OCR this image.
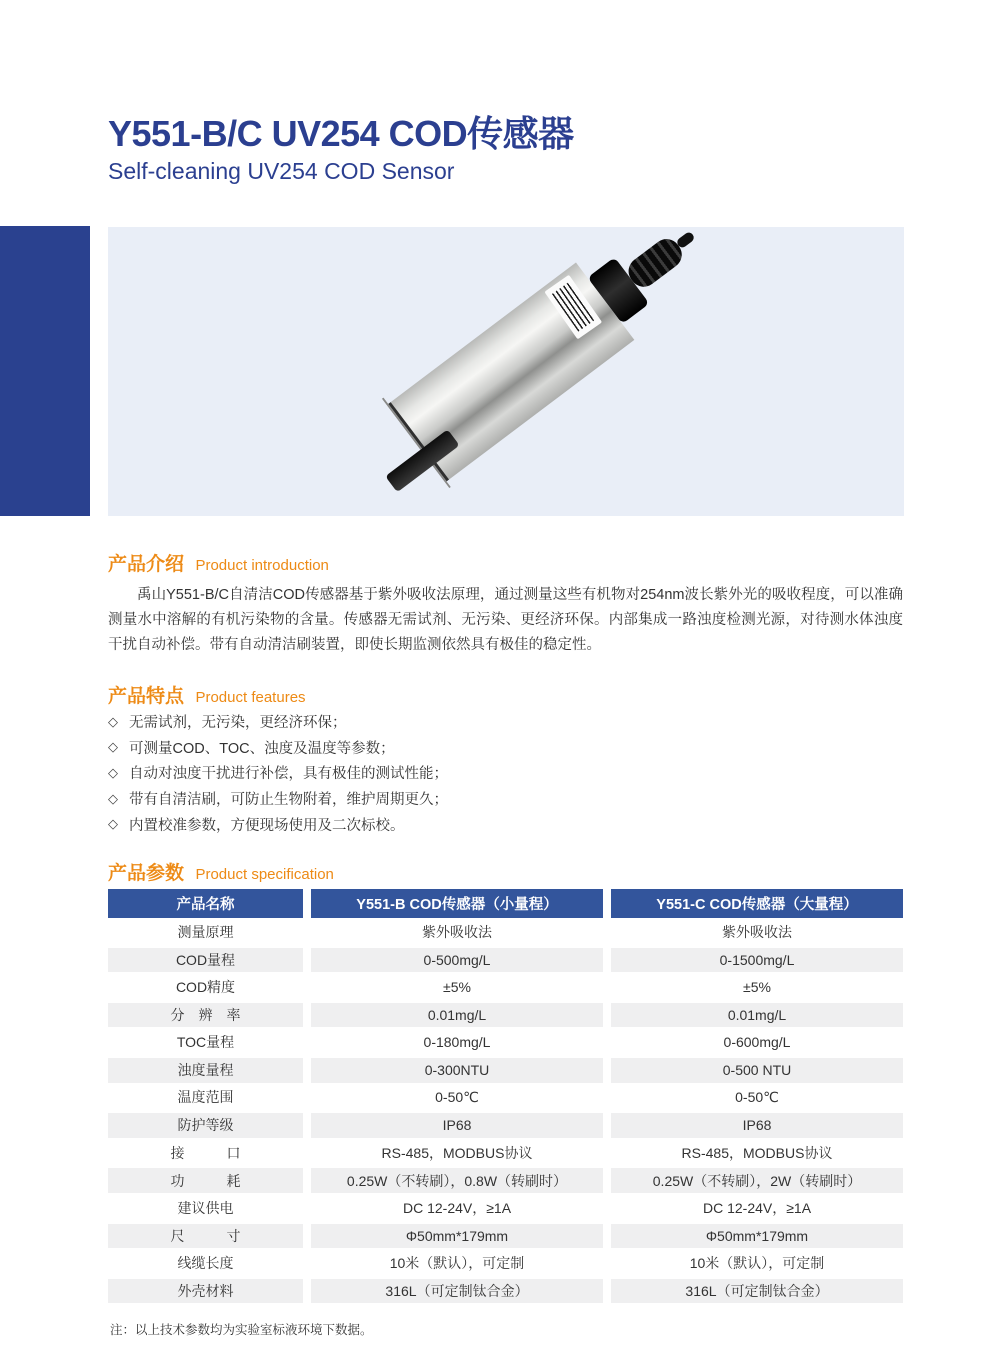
Y551-B/C UV254 COD传感器
Self-cleaning UV254 COD Sensor
产品介绍 Product introduction

禹山Y551-B/C自清洁COD传感器基于紫外吸收法原理，通过测量这些有机物对254nm波长紫外光的吸收程度，可以准确测量水中溶解的有机污染物的含量。传感器无需试剂、无污染、更经济环保。内部集成一路浊度检测光源，对待测水体浊度干扰自动补偿。带有自动清洁刷装置，即使长期监测依然具有极佳的稳定性。

产品特点 Product features
◇ 无需试剂，无污染，更经济环保；
◇ 可测量COD、TOC、浊度及温度等参数；
◇ 自动对浊度干扰进行补偿，具有极佳的测试性能；
◇ 带有自清洁刷，可防止生物附着，维护周期更久；
◇ 内置校准参数，方便现场使用及二次标校。
产品参数 Product specification
产品名称	Y551-B COD传感器（小量程）	Y551-C COD传感器（大量程）
测量原理	紫外吸收法	紫外吸收法
COD量程	0-500mg/L	0-1500mg/L
COD精度	±5%	±5%
分　辨　率	0.01mg/L	0.01mg/L
TOC量程	0-180mg/L	0-600mg/L
浊度量程	0-300NTU	0-500 NTU
温度范围	0-50℃	0-50℃
防护等级	IP68	IP68
接　　　口	RS-485，MODBUS协议	RS-485，MODBUS协议
功　　　耗	0.25W（不转刷），0.8W（转刷时）	0.25W（不转刷），2W（转刷时）
建议供电	DC 12-24V，≥1A	DC 12-24V，≥1A
尺　　　寸	Φ50mm*179mm	Φ50mm*179mm
线缆长度	10米（默认），可定制	10米（默认），可定制
外壳材料	316L（可定制钛合金）	316L（可定制钛合金）
注：以上技术参数均为实验室标液环境下数据。
